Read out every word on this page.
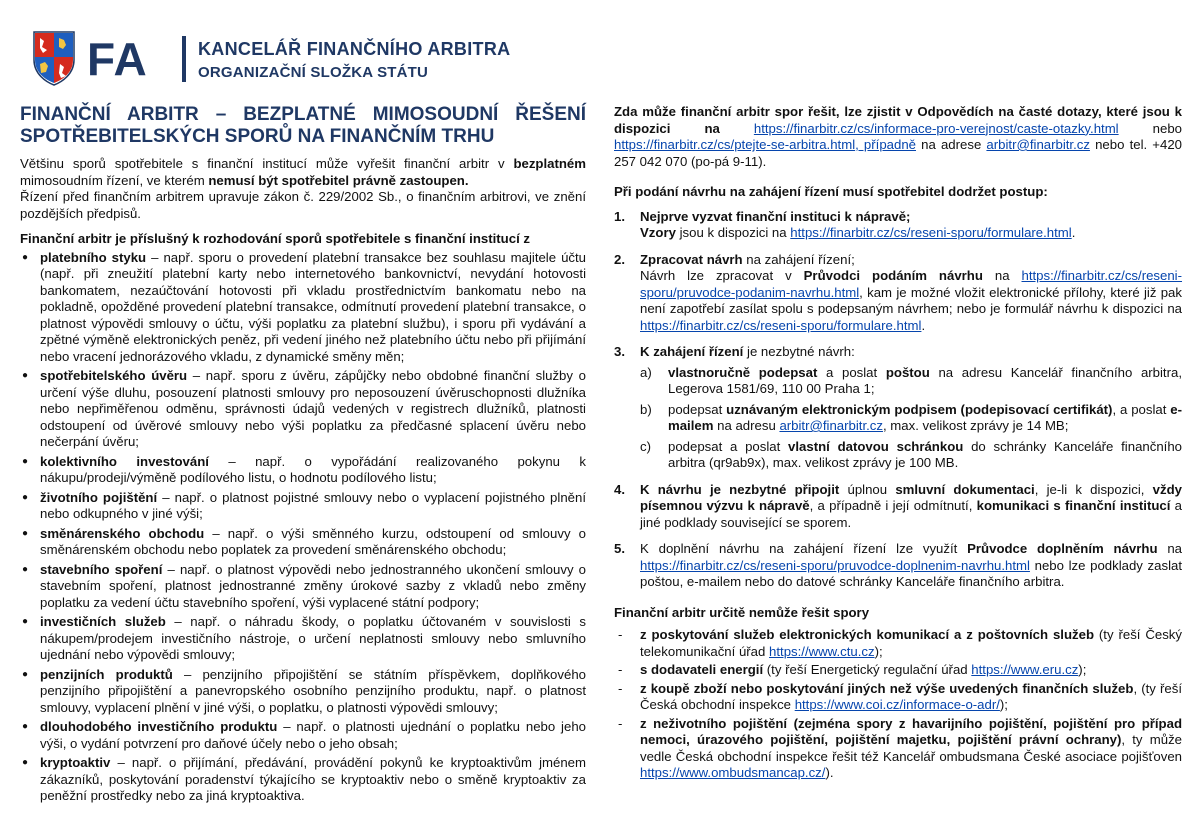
FA	KANCELÁŘ FINANČNÍHO ARBITRA
ORGANIZAČNÍ SLOŽKA STÁTU
FINANČNÍ ARBITR – BEZPLATNÉ MIMOSOUDNÍ ŘEŠENÍ SPOTŘEBITELSKÝCH SPORŮ NA FINANČNÍM TRHU

Většinu sporů spotřebitele s finanční institucí může vyřešit finanční arbitr v bezplatném mimosoudním řízení, ve kterém nemusí být spotřebitel právně zastoupen.

Řízení před finančním arbitrem upravuje zákon č. 229/2002 Sb., o finančním arbitrovi, ve znění pozdějších předpisů.

Finanční arbitr je příslušný k rozhodování sporů spotřebitele s finanční institucí z
● platebního styku – např. sporu o provedení platební transakce bez souhlasu majitele účtu (např. při zneužití platební karty nebo internetového bankovnictví, nevydání hotovosti bankomatem, nezaúčtování hotovosti při vkladu prostřednictvím bankomatu nebo na pokladně, opožděné provedení platební transakce, odmítnutí provedení platební transakce, o platnost výpovědi smlouvy o účtu, výši poplatku za platební službu), i sporu při vydávání a zpětné výměně elektronických peněz, při vedení jiného než platebního účtu nebo při přijímání nebo vracení jednorázového vkladu, z dynamické směny měn;
● spotřebitelského úvěru – např. sporu z úvěru, zápůjčky nebo obdobné finanční služby o určení výše dluhu, posouzení platnosti smlouvy pro neposouzení úvěruschopnosti dlužníka nebo nepřiměřenou odměnu, správnosti údajů vedených v registrech dlužníků, platnosti odstoupení od úvěrové smlouvy nebo výši poplatku za předčasné splacení úvěru nebo nečerpání úvěru;
● kolektivního investování – např. o vypořádání realizovaného pokynu k nákupu/prodeji/výměně podílového listu, o hodnotu podílového listu;
● životního pojištění – např. o platnost pojistné smlouvy nebo o vyplacení pojistného plnění nebo odkupného v jiné výši;
● směnárenského obchodu – např. o výši směnného kurzu, odstoupení od smlouvy o směnárenském obchodu nebo poplatek za provedení směnárenského obchodu;
● stavebního spoření – např. o platnost výpovědi nebo jednostranného ukončení smlouvy o stavebním spoření, platnost jednostranné změny úrokové sazby z vkladů nebo změny poplatku za vedení účtu stavebního spoření, výši vyplacené státní podpory;
● investičních služeb – např. o náhradu škody, o poplatku účtovaném v souvislosti s nákupem/prodejem investičního nástroje, o určení neplatnosti smlouvy nebo smluvního ujednání nebo výpovědi smlouvy;
● penzijních produktů – penzijního připojištění se státním příspěvkem, doplňkového penzijního připojištění a panevropského osobního penzijního produktu, např. o platnost smlouvy, vyplacení plnění v jiné výši, o poplatku, o platnosti výpovědi smlouvy;
● dlouhodobého investičního produktu – např. o platnosti ujednání o poplatku nebo jeho výši, o vydání potvrzení pro daňové účely nebo o jeho obsah;
● kryptoaktiv – např. o přijímání, předávání, provádění pokynů ke kryptoaktivům jménem zákazníků, poskytování poradenství týkajícího se kryptoaktiv nebo o směně kryptoaktiv za peněžní prostředky nebo za jiná kryptoaktiva.

Zda může finanční arbitr spor řešit, lze zjistit v Odpovědích na časté dotazy, které jsou k dispozici na https://finarbitr.cz/cs/informace-pro-verejnost/caste-otazky.html nebo https://finarbitr.cz/cs/ptejte-se-arbitra.html, případně na adrese arbitr@finarbitr.cz nebo tel. +420 257 042 070 (po-pá 9-11).

Při podání návrhu na zahájení řízení musí spotřebitel dodržet postup:
1. Nejprve vyzvat finanční instituci k nápravě;
Vzory jsou k dispozici na https://finarbitr.cz/cs/reseni-sporu/formulare.html.
2. Zpracovat návrh na zahájení řízení;
Návrh lze zpracovat v Průvodci podáním návrhu na https://finarbitr.cz/cs/reseni-sporu/pruvodce-podanim-navrhu.html, kam je možné vložit elektronické přílohy, které již pak není zapotřebí zasílat spolu s podepsaným návrhem; nebo je formulář návrhu k dispozici na https://finarbitr.cz/cs/reseni-sporu/formulare.html.
3. K zahájení řízení je nezbytné návrh:
a) vlastnoručně podepsat a poslat poštou na adresu Kancelář finančního arbitra, Legerova 1581/69, 110 00 Praha 1;
b) podepsat uznávaným elektronickým podpisem (podepisovací certifikát), a poslat e-mailem na adresu arbitr@finarbitr.cz, max. velikost zprávy je 14 MB;
c) podepsat a poslat vlastní datovou schránkou do schránky Kanceláře finančního arbitra (qr9ab9x), max. velikost zprávy je 100 MB.
4. K návrhu je nezbytné připojit úplnou smluvní dokumentaci, je-li k dispozici, vždy písemnou výzvu k nápravě, a případně i její odmítnutí, komunikaci s finanční institucí a jiné podklady související se sporem.
5. K doplnění návrhu na zahájení řízení lze využít Průvodce doplněním návrhu na https://finarbitr.cz/cs/reseni-sporu/pruvodce-doplnenim-navrhu.html nebo lze podklady zaslat poštou, e-mailem nebo do datové schránky Kanceláře finančního arbitra.
Finanční arbitr určitě nemůže řešit spory
- z poskytování služeb elektronických komunikací a z poštovních služeb (ty řeší Český telekomunikační úřad https://www.ctu.cz);
- s dodavateli energií (ty řeší Energetický regulační úřad https://www.eru.cz);
- z koupě zboží nebo poskytování jiných než výše uvedených finančních služeb, (ty řeší Česká obchodní inspekce https://www.coi.cz/informace-o-adr/);
- z neživotního pojištění (zejména spory z havarijního pojištění, pojištění pro případ nemoci, úrazového pojištění, pojištění majetku, pojištění právní ochrany), ty může vedle Česká obchodní inspekce řešit též Kancelář ombudsmana České asociace pojišťoven https://www.ombudsmancap.cz/).
